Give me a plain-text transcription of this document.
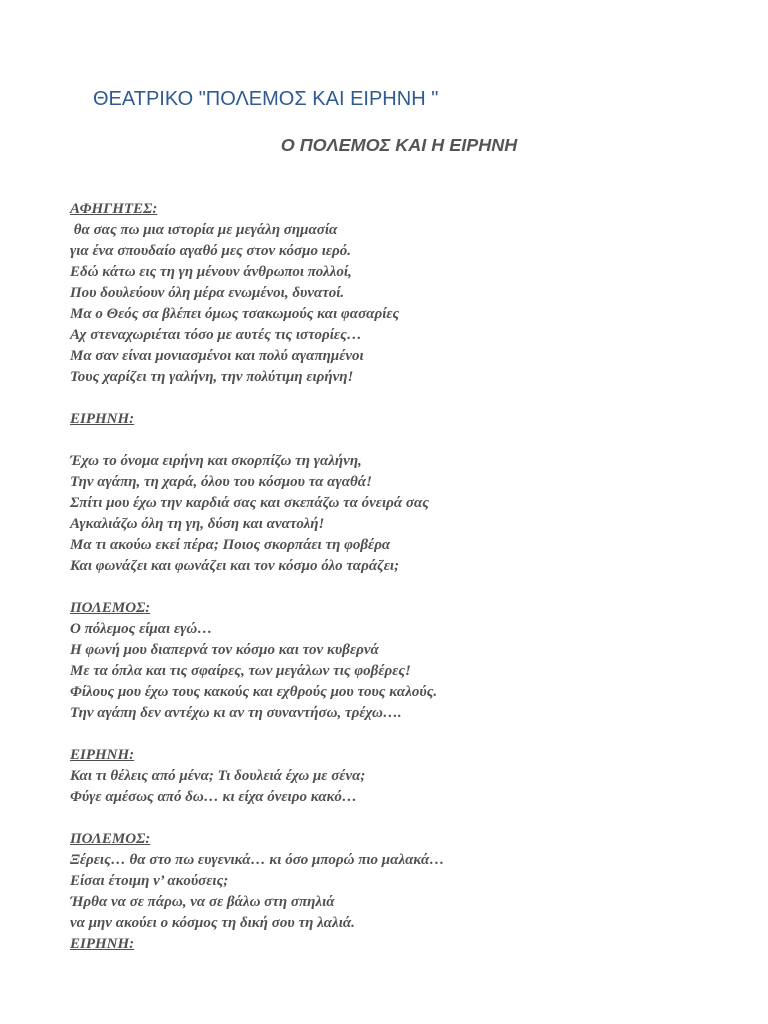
ΘΕΑΤΡΙΚΟ "ΠΟΛΕΜΟΣ ΚΑΙ ΕΙΡΗΝΗ "
Ο ΠΟΛΕΜΟΣ ΚΑΙ Η ΕΙΡΗΝΗ
ΑΦΗΓΗΤΕΣ:
θα σας πω μια ιστορία με μεγάλη σημασία
για ένα σπουδαίο αγαθό μες στον κόσμο ιερό.
Εδώ κάτω εις τη γη μένουν άνθρωποι πολλοί,
Που δουλεύουν όλη μέρα ενωμένοι, δυνατοί.
Μα ο Θεός σα βλέπει όμως τσακωμούς και φασαρίες
Αχ στεναχωριέται τόσο με αυτές τις ιστορίες…
Μα σαν είναι μονιασμένοι και πολύ αγαπημένοι
Τους χαρίζει τη γαλήνη, την πολύτιμη ειρήνη!
ΕΙΡΗΝΗ:
Έχω το όνομα ειρήνη και σκορπίζω τη γαλήνη,
Την αγάπη, τη χαρά, όλου του κόσμου τα αγαθά!
Σπίτι μου έχω την καρδιά σας και σκεπάζω τα όνειρά σας
Αγκαλιάζω όλη τη γη, δύση και ανατολή!
Μα τι ακούω εκεί πέρα; Ποιος σκορπάει τη φοβέρα
Και φωνάζει και φωνάζει και τον κόσμο όλο ταράζει;
ΠΟΛΕΜΟΣ:
Ο πόλεμος είμαι εγώ…
Η φωνή μου διαπερνά τον κόσμο και τον κυβερνά
Με τα όπλα και τις σφαίρες, των μεγάλων τις φοβέρες!
Φίλους μου έχω τους κακούς και εχθρούς μου τους καλούς.
Την αγάπη δεν αντέχω κι αν τη συναντήσω, τρέχω….
ΕΙΡΗΝΗ:
Και τι θέλεις από μένα; Τι δουλειά έχω με σένα;
Φύγε αμέσως από δω… κι είχα όνειρο κακό…
ΠΟΛΕΜΟΣ:
Ξέρεις… θα στο πω ευγενικά… κι όσο μπορώ πιο μαλακά…
Είσαι έτοιμη ν’ ακούσεις;
Ήρθα να σε πάρω, να σε βάλω στη σπηλιά
να μην ακούει ο κόσμος τη δική σου τη λαλιά.
ΕΙΡΗΝΗ:
